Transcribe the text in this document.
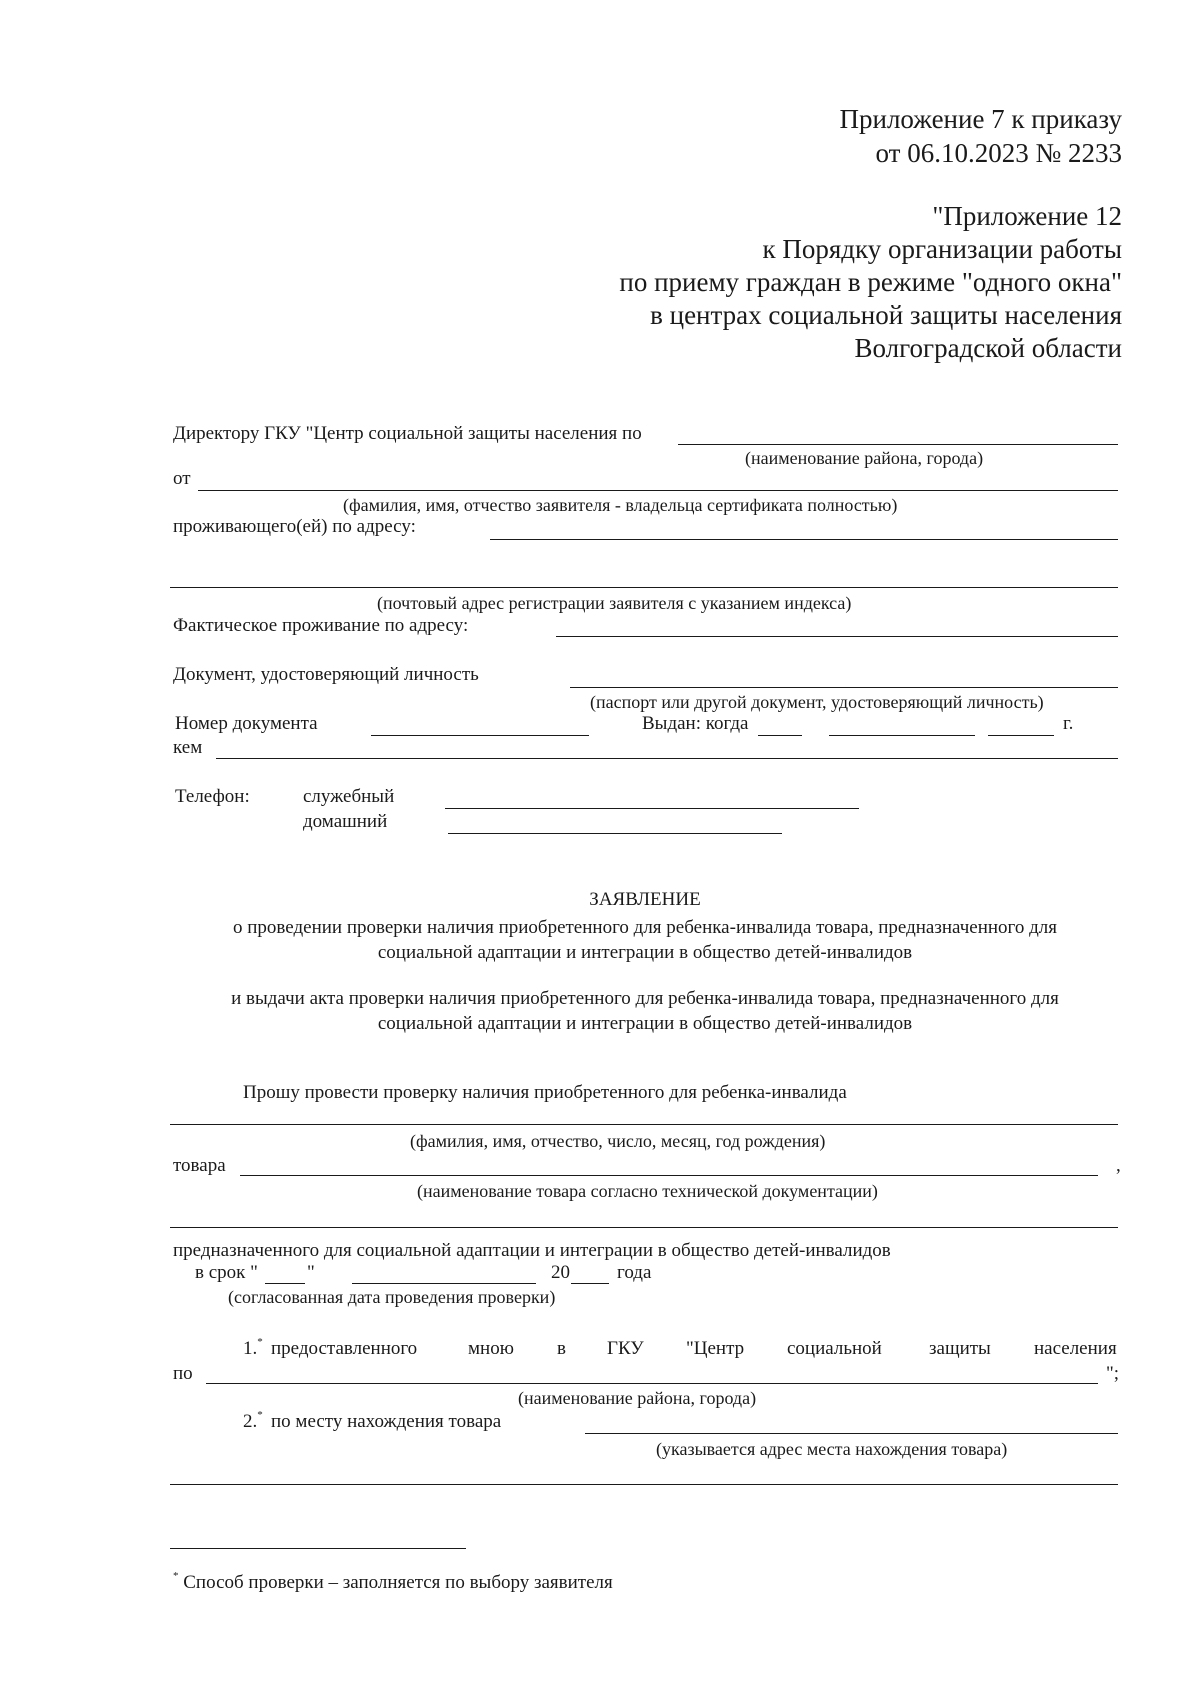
Приложение 7 к приказу
от 06.10.2023 № 2233
"Приложение 12
к Порядку организации работы
по приему граждан в режиме "одного окна"
в центрах социальной защиты населения
Волгоградской области
Директору ГКУ "Центр социальной защиты населения по
(наименование района, города)
от
(фамилия, имя, отчество заявителя - владельца сертификата полностью)
проживающего(ей) по адресу:
(почтовый адрес регистрации заявителя с указанием индекса)
Фактическое проживание по адресу:
Документ, удостоверяющий личность
(паспорт или другой документ, удостоверяющий личность)
Номер документа	Выдан: когда	г.
кем
Телефон:	служебный
домашний
ЗАЯВЛЕНИЕ
о проведении проверки наличия приобретенного для ребенка-инвалида товара, предназначенного для
социальной адаптации и интеграции в общество детей-инвалидов
и выдачи акта проверки наличия приобретенного для ребенка-инвалида товара, предназначенного для
социальной адаптации и интеграции в общество детей-инвалидов
Прошу провести проверку наличия приобретенного для ребенка-инвалида
(фамилия, имя, отчество, число, месяц, год рождения)
товара	,
(наименование товара согласно технической документации)
предназначенного для социальной адаптации и интеграции в общество детей-инвалидов
в срок "	"	20 года
(согласованная дата проведения проверки)
1.* предоставленного	мною в ГКУ "Центр социальной защиты населения
по	";
(наименование района, города)
2.* по месту нахождения товара
(указывается адрес места нахождения товара)
* Способ проверки – заполняется по выбору заявителя
